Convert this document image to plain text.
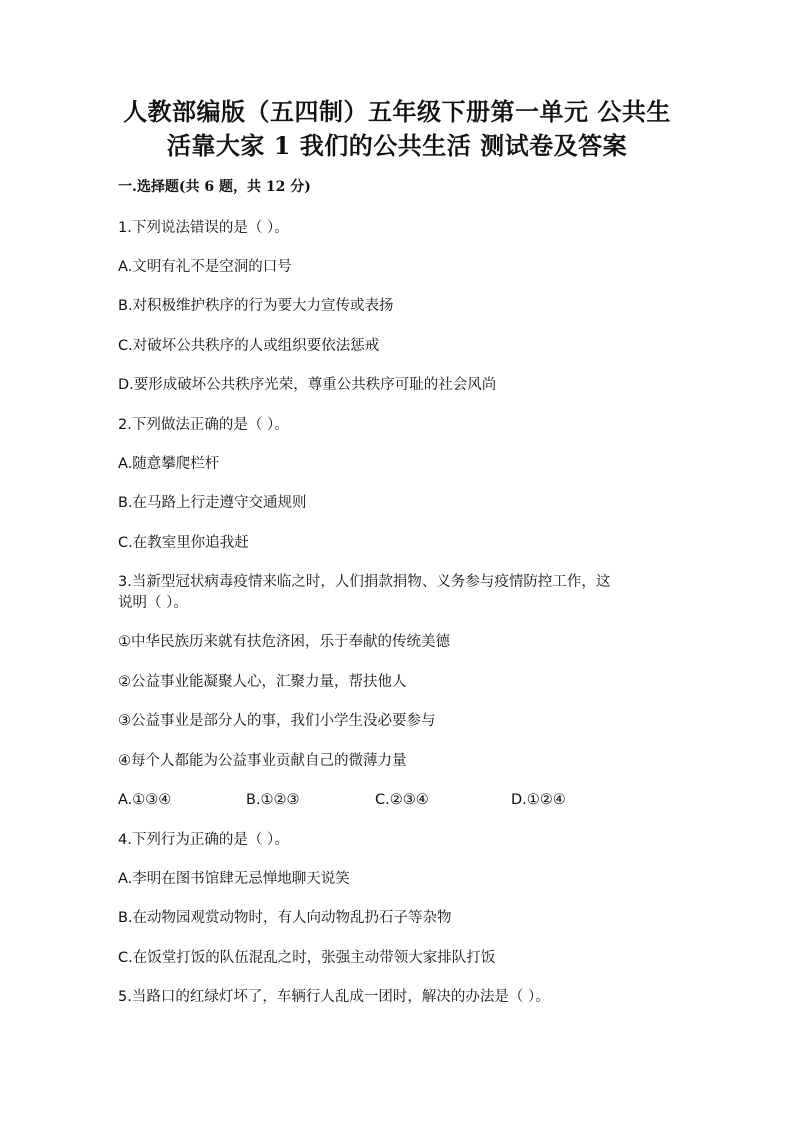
人教部编版（五四制）五年级下册第一单元 公共生
活靠大家 1 我们的公共生活 测试卷及答案
一.选择题(共 6 题，共 12 分)
1.下列说法错误的是（ ）。
A.文明有礼不是空洞的口号
B.对积极维护秩序的行为要大力宣传或表扬
C.对破坏公共秩序的人或组织要依法惩戒
D.要形成破坏公共秩序光荣，尊重公共秩序可耻的社会风尚
2.下列做法正确的是（ ）。
A.随意攀爬栏杆
B.在马路上行走遵守交通规则
C.在教室里你追我赶
3.当新型冠状病毒疫情来临之时，人们捐款捐物、义务参与疫情防控工作，这
说明（ ）。
①中华民族历来就有扶危济困，乐于奉献的传统美德
②公益事业能凝聚人心，汇聚力量，帮扶他人
③公益事业是部分人的事，我们小学生没必要参与
④每个人都能为公益事业贡献自己的微薄力量
A.①③④	B.①②③	C.②③④	D.①②④
4.下列行为正确的是（ ）。
A.李明在图书馆肆无忌惮地聊天说笑
B.在动物园观赏动物时，有人向动物乱扔石子等杂物
C.在饭堂打饭的队伍混乱之时，张强主动带领大家排队打饭
5.当路口的红绿灯坏了，车辆行人乱成一团时，解决的办法是（ ）。
